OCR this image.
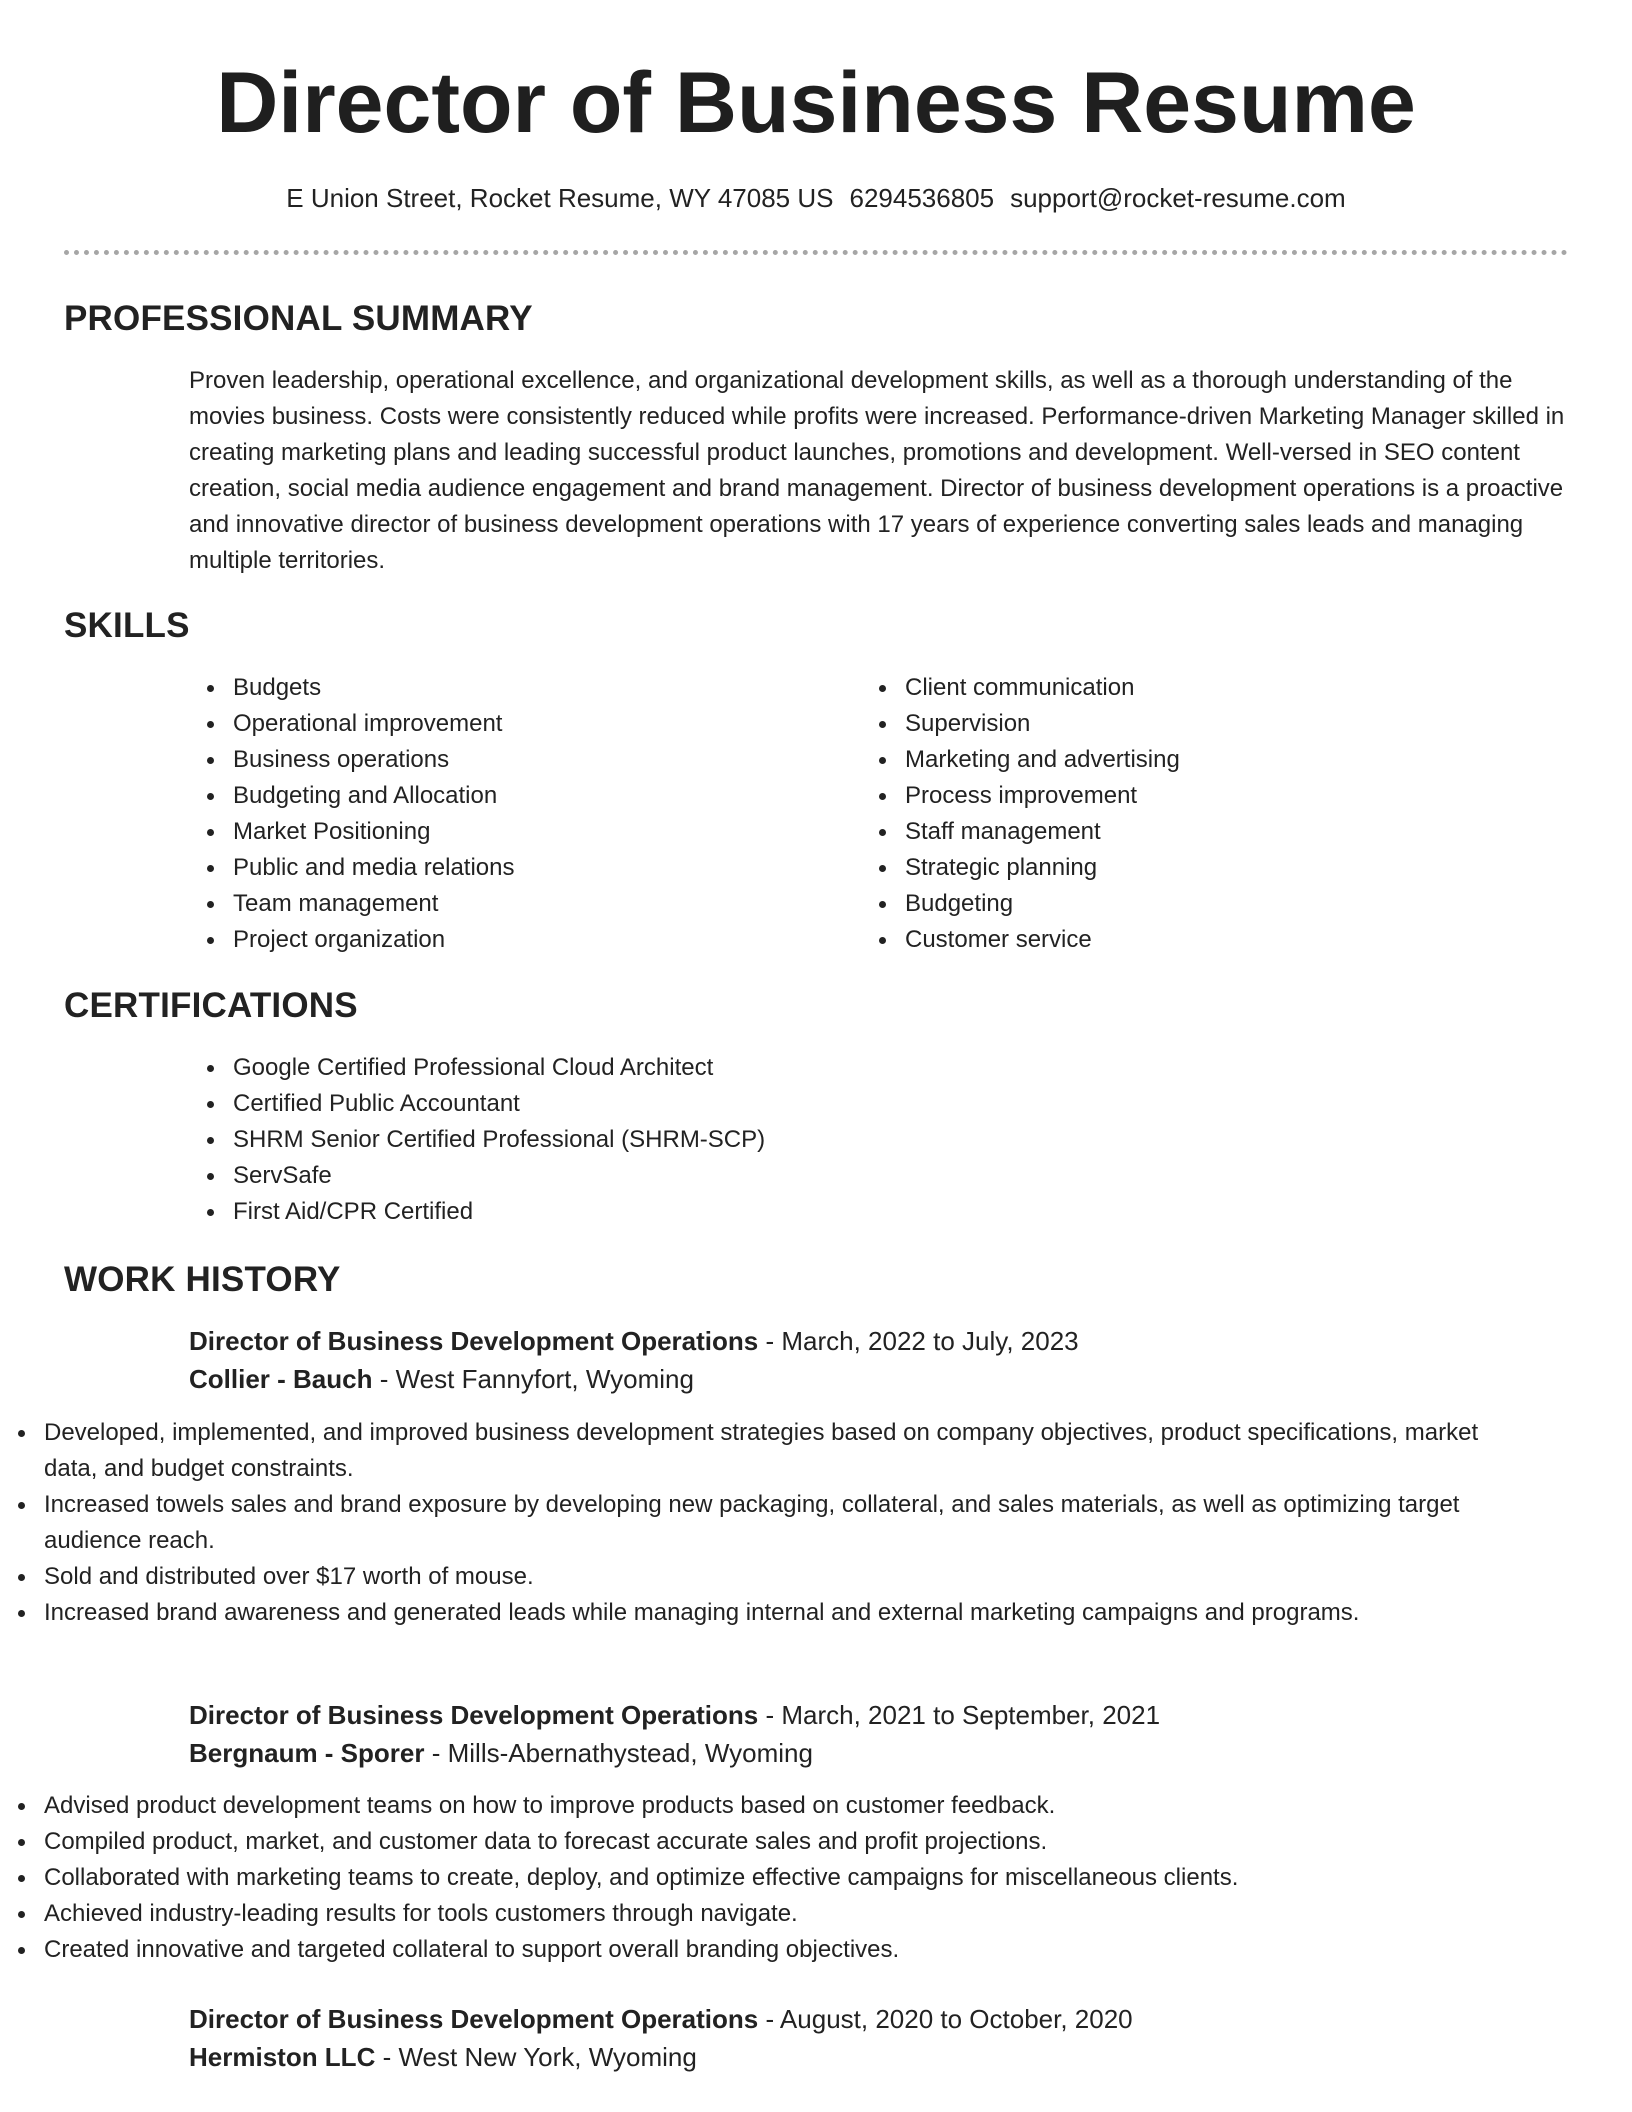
Director of Business Resume
E Union Street, Rocket Resume, WY 47085 US 6294536805 support@rocket-resume.com
PROFESSIONAL SUMMARY
Proven leadership, operational excellence, and organizational development skills, as well as a thorough understanding of the movies business. Costs were consistently reduced while profits were increased. Performance-driven Marketing Manager skilled in creating marketing plans and leading successful product launches, promotions and development. Well-versed in SEO content creation, social media audience engagement and brand management. Director of business development operations is a proactive and innovative director of business development operations with 17 years of experience converting sales leads and managing multiple territories.
SKILLS
Budgets
Operational improvement
Business operations
Budgeting and Allocation
Market Positioning
Public and media relations
Team management
Project organization
Client communication
Supervision
Marketing and advertising
Process improvement
Staff management
Strategic planning
Budgeting
Customer service
CERTIFICATIONS
Google Certified Professional Cloud Architect
Certified Public Accountant
SHRM Senior Certified Professional (SHRM-SCP)
ServSafe
First Aid/CPR Certified
WORK HISTORY
Director of Business Development Operations - March, 2022 to July, 2023
Collier - Bauch - West Fannyfort, Wyoming
Developed, implemented, and improved business development strategies based on company objectives, product specifications, market data, and budget constraints.
Increased towels sales and brand exposure by developing new packaging, collateral, and sales materials, as well as optimizing target audience reach.
Sold and distributed over $17 worth of mouse.
Increased brand awareness and generated leads while managing internal and external marketing campaigns and programs.
Director of Business Development Operations - March, 2021 to September, 2021
Bergnaum - Sporer - Mills-Abernathystead, Wyoming
Advised product development teams on how to improve products based on customer feedback.
Compiled product, market, and customer data to forecast accurate sales and profit projections.
Collaborated with marketing teams to create, deploy, and optimize effective campaigns for miscellaneous clients.
Achieved industry-leading results for tools customers through navigate.
Created innovative and targeted collateral to support overall branding objectives.
Director of Business Development Operations - August, 2020 to October, 2020
Hermiston LLC - West New York, Wyoming
